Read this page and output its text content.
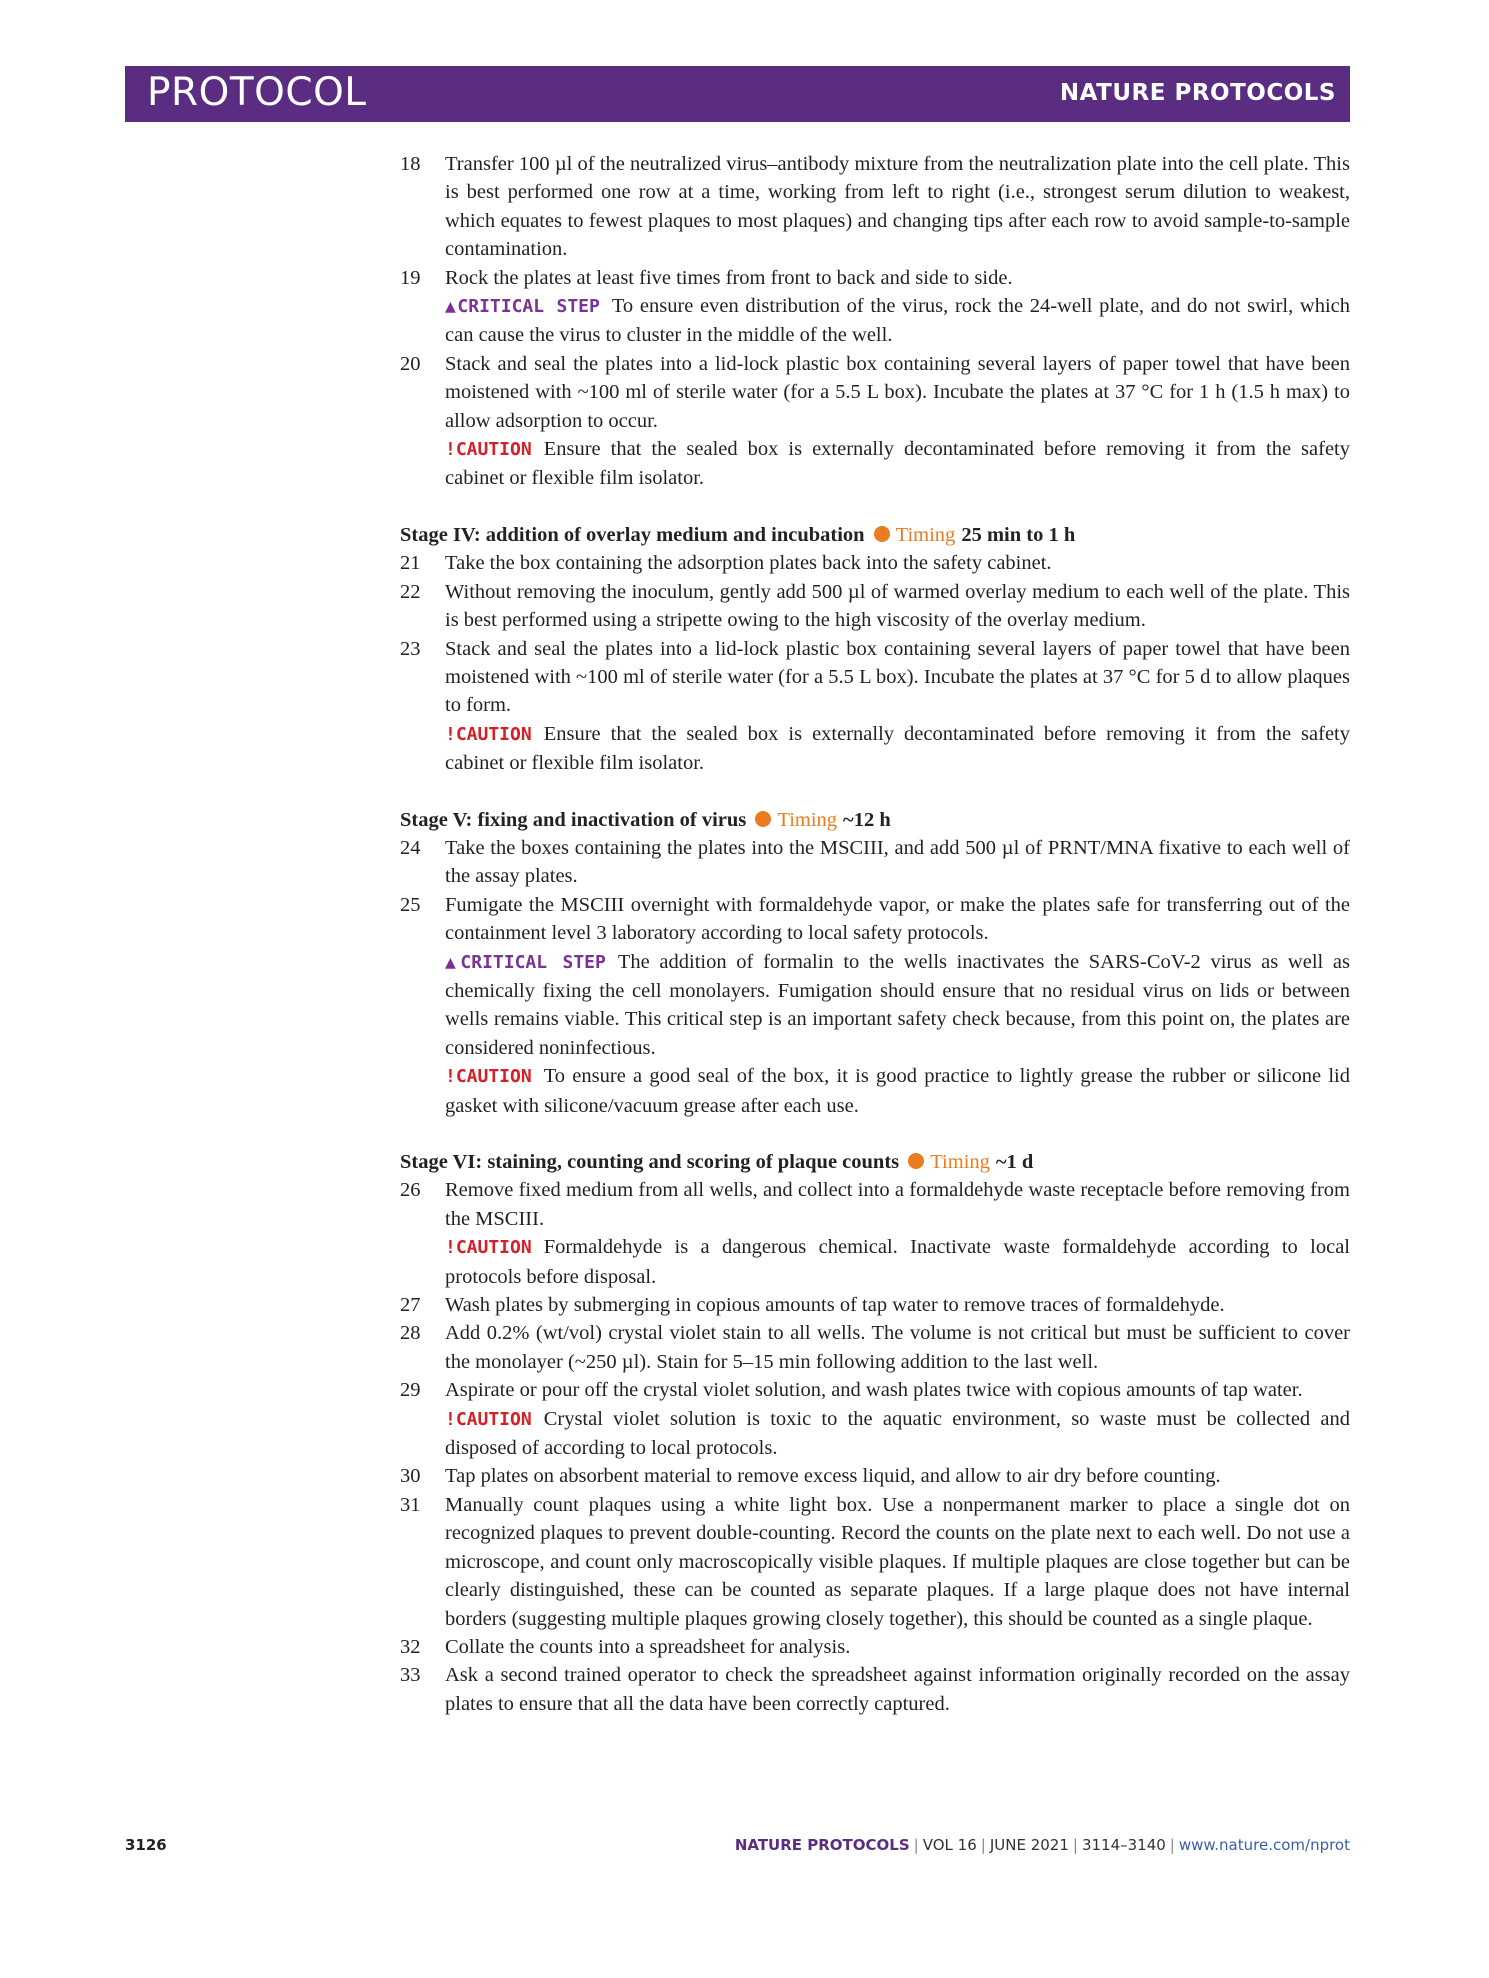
PROTOCOL	NATURE PROTOCOLS
18	Transfer 100 µl of the neutralized virus–antibody mixture from the neutralization plate into the cell plate. This is best performed one row at a time, working from left to right (i.e., strongest serum dilution to weakest, which equates to fewest plaques to most plaques) and changing tips after each row to avoid sample-to-sample contamination.
19	Rock the plates at least five times from front to back and side to side.
▲CRITICAL STEP To ensure even distribution of the virus, rock the 24-well plate, and do not swirl, which can cause the virus to cluster in the middle of the well.
20	Stack and seal the plates into a lid-lock plastic box containing several layers of paper towel that have been moistened with ~100 ml of sterile water (for a 5.5 L box). Incubate the plates at 37 °C for 1 h (1.5 h max) to allow adsorption to occur.
!CAUTION Ensure that the sealed box is externally decontaminated before removing it from the safety cabinet or flexible film isolator.
Stage IV: addition of overlay medium and incubation Timing 25 min to 1 h
21	Take the box containing the adsorption plates back into the safety cabinet.
22	Without removing the inoculum, gently add 500 µl of warmed overlay medium to each well of the plate. This is best performed using a stripette owing to the high viscosity of the overlay medium.
23	Stack and seal the plates into a lid-lock plastic box containing several layers of paper towel that have been moistened with ~100 ml of sterile water (for a 5.5 L box). Incubate the plates at 37 °C for 5 d to allow plaques to form.
!CAUTION Ensure that the sealed box is externally decontaminated before removing it from the safety cabinet or flexible film isolator.
Stage V: fixing and inactivation of virus Timing ~12 h
24	Take the boxes containing the plates into the MSCIII, and add 500 µl of PRNT/MNA fixative to each well of the assay plates.
25	Fumigate the MSCIII overnight with formaldehyde vapor, or make the plates safe for transferring out of the containment level 3 laboratory according to local safety protocols.
▲CRITICAL STEP The addition of formalin to the wells inactivates the SARS-CoV-2 virus as well as chemically fixing the cell monolayers. Fumigation should ensure that no residual virus on lids or between wells remains viable. This critical step is an important safety check because, from this point on, the plates are considered noninfectious.
!CAUTION To ensure a good seal of the box, it is good practice to lightly grease the rubber or silicone lid gasket with silicone/vacuum grease after each use.
Stage VI: staining, counting and scoring of plaque counts Timing ~1 d
26	Remove fixed medium from all wells, and collect into a formaldehyde waste receptacle before removing from the MSCIII.
!CAUTION Formaldehyde is a dangerous chemical. Inactivate waste formaldehyde according to local protocols before disposal.
27	Wash plates by submerging in copious amounts of tap water to remove traces of formaldehyde.
28	Add 0.2% (wt/vol) crystal violet stain to all wells. The volume is not critical but must be sufficient to cover the monolayer (~250 µl). Stain for 5–15 min following addition to the last well.
29	Aspirate or pour off the crystal violet solution, and wash plates twice with copious amounts of tap water.
!CAUTION Crystal violet solution is toxic to the aquatic environment, so waste must be collected and disposed of according to local protocols.
30	Tap plates on absorbent material to remove excess liquid, and allow to air dry before counting.
31	Manually count plaques using a white light box. Use a nonpermanent marker to place a single dot on recognized plaques to prevent double-counting. Record the counts on the plate next to each well. Do not use a microscope, and count only macroscopically visible plaques. If multiple plaques are close together but can be clearly distinguished, these can be counted as separate plaques. If a large plaque does not have internal borders (suggesting multiple plaques growing closely together), this should be counted as a single plaque.
32	Collate the counts into a spreadsheet for analysis.
33	Ask a second trained operator to check the spreadsheet against information originally recorded on the assay plates to ensure that all the data have been correctly captured.
3126	NATURE PROTOCOLS | VOL 16 | JUNE 2021 | 3114–3140 | www.nature.com/nprot
